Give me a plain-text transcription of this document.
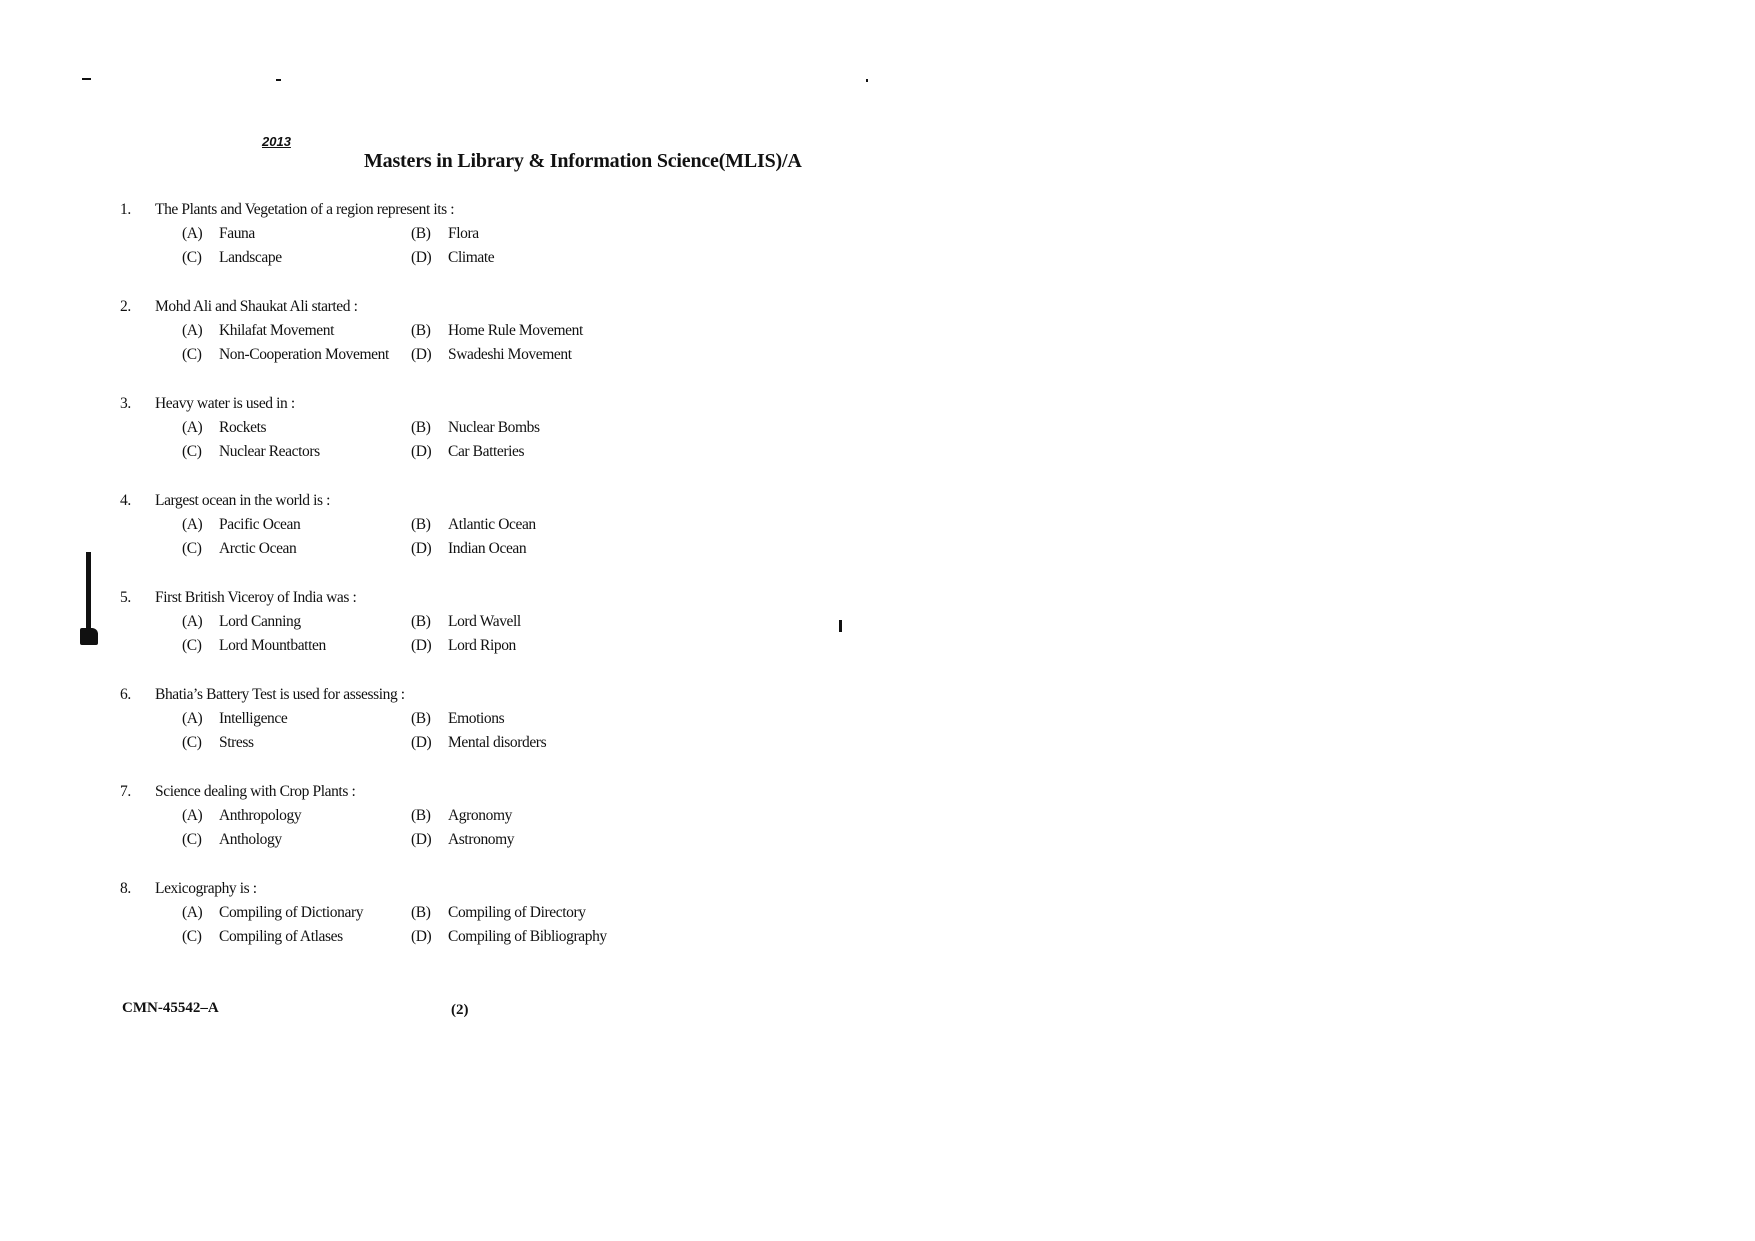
2013
Masters in Library & Information Science(MLIS)/A
1.	The Plants and Vegetation of a region represent its :
(A)	Fauna	(B)	Flora
(C)	Landscape	(D)	Climate
2.	Mohd Ali and Shaukat Ali started :
(A)	Khilafat Movement	(B)	Home Rule Movement
(C)	Non-Cooperation Movement	(D)	Swadeshi Movement
3.	Heavy water is used in :
(A)	Rockets	(B)	Nuclear Bombs
(C)	Nuclear Reactors	(D)	Car Batteries
4.	Largest ocean in the world is :
(A)	Pacific Ocean	(B)	Atlantic Ocean
(C)	Arctic Ocean	(D)	Indian Ocean
5.	First British Viceroy of India was :
(A)	Lord Canning	(B)	Lord Wavell
(C)	Lord Mountbatten	(D)	Lord Ripon
6.	Bhatia’s Battery Test is used for assessing :
(A)	Intelligence	(B)	Emotions
(C)	Stress	(D)	Mental disorders
7.	Science dealing with Crop Plants :
(A)	Anthropology	(B)	Agronomy
(C)	Anthology	(D)	Astronomy
8.	Lexicography is :
(A)	Compiling of Dictionary	(B)	Compiling of Directory
(C)	Compiling of Atlases	(D)	Compiling of Bibliography
CMN-45542–A	(2)
